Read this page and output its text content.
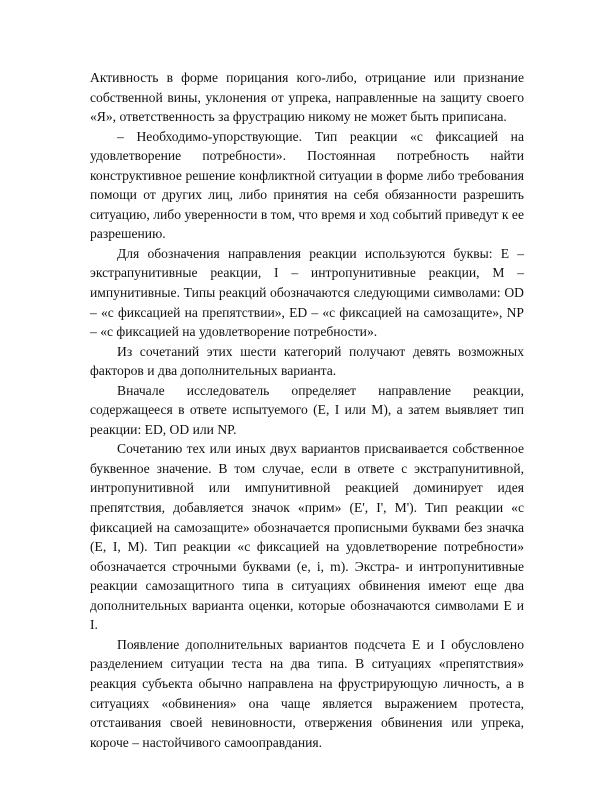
Активность в форме порицания кого-либо, отрицание или признание собственной вины, уклонения от упрека, направленные на защиту своего «Я», ответственность за фрустрацию никому не может быть приписана.

– Необходимо-упорствующие. Тип реакции «с фиксацией на удовлетворение потребности». Постоянная потребность найти конструктивное решение конфликтной ситуации в форме либо требования помощи от других лиц, либо принятия на себя обязанности разрешить ситуацию, либо уверенности в том, что время и ход событий приведут к ее разрешению.

Для обозначения направления реакции используются буквы: E – экстрапунитивные реакции, I – интропунитивные реакции, M – импунитивные. Типы реакций обозначаются следующими символами: OD – «с фиксацией на препятствии», ED – «с фиксацией на самозащите», NP – «с фиксацией на удовлетворение потребности».

Из сочетаний этих шести категорий получают девять возможных факторов и два дополнительных варианта.

Вначале исследователь определяет направление реакции, содержащееся в ответе испытуемого (E, I или M), а затем выявляет тип реакции: ED, OD или NP.

Сочетанию тех или иных двух вариантов присваивается собственное буквенное значение. В том случае, если в ответе с экстрапунитивной, интропунитивной или импунитивной реакцией доминирует идея препятствия, добавляется значок «прим» (E', I', M'). Тип реакции «с фиксацией на самозащите» обозначается прописными буквами без значка (E, I, M). Тип реакции «с фиксацией на удовлетворение потребности» обозначается строчными буквами (e, i, m). Экстра- и интропунитивные реакции самозащитного типа в ситуациях обвинения имеют еще два дополнительных варианта оценки, которые обозначаются символами E и I.

Появление дополнительных вариантов подсчета E и I обусловлено разделением ситуации теста на два типа. В ситуациях «препятствия» реакция субъекта обычно направлена на фрустрирующую личность, а в ситуациях «обвинения» она чаще является выражением протеста, отстаивания своей невиновности, отвержения обвинения или упрека, короче – настойчивого самооправдания.
